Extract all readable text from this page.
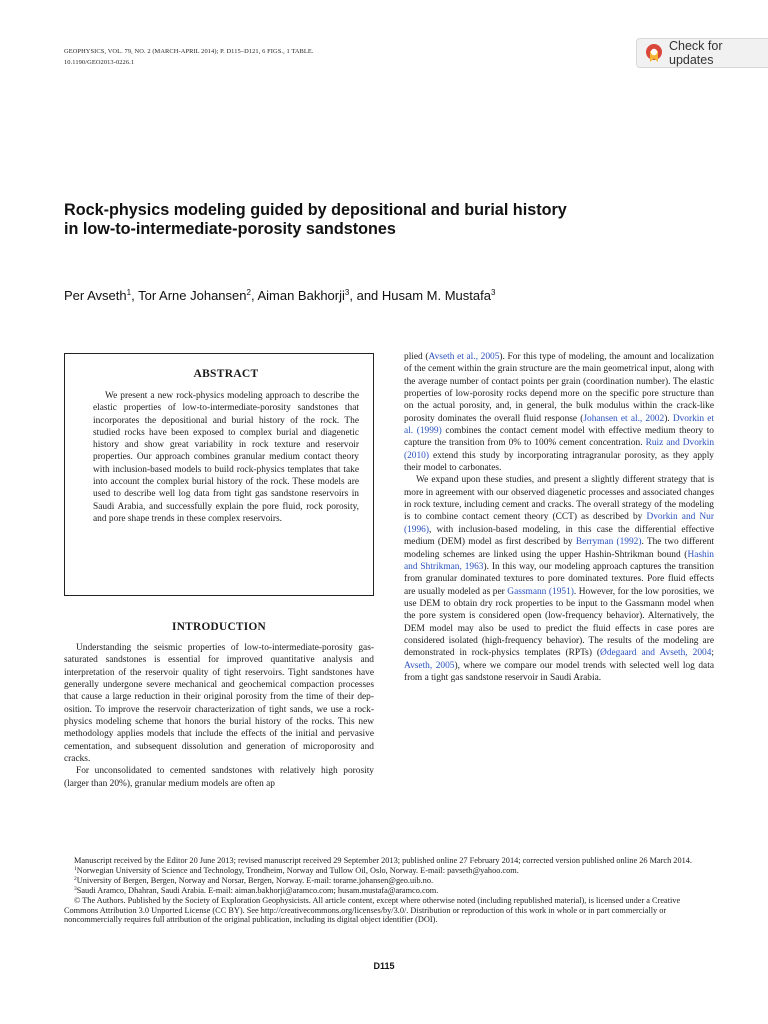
GEOPHYSICS, VOL. 79, NO. 2 (MARCH-APRIL 2014); P. D115–D121, 6 FIGS., 1 TABLE.
10.1190/GEO2013-0226.1
Check for updates
Rock-physics modeling guided by depositional and burial history in low-to-intermediate-porosity sandstones
Per Avseth$^1$, Tor Arne Johansen$^2$, Aiman Bakhorji$^3$, and Husam M. Mustafa$^3$
ABSTRACT

We present a new rock-physics modeling approach to describe the elastic properties of low-to-intermediate-porosity sandstones that incorporates the depositional and burial history of the rock. The studied rocks have been exposed to complex burial and diagenetic history and show great variability in rock texture and reservoir properties. Our approach combines granular medium contact theory with inclusion-based models to build rock-physics templates that take into account the complex burial history of the rock. These models are used to describe well log data from tight gas sandstone reservoirs in Saudi Arabia, and successfully explain the pore fluid, rock porosity, and pore shape trends in these complex reservoirs.

INTRODUCTION

Understanding the seismic properties of low-to-intermediate-porosity gas-saturated sandstones is essential for improved quantitative analysis and interpretation of the reservoir quality of tight reservoirs. Tight sandstones have generally undergone severe mechanical and geochemical compaction processes that cause a large reduction in their original porosity from the time of their deposition. To improve the reservoir characterization of tight sands, we use a rock-physics modeling scheme that honors the burial history of the rocks. This new methodology applies models that include the effects of the initial and pervasive cementation, and subsequent dissolution and generation of microporosity and cracks.

For unconsolidated to cemented sandstones with relatively high porosity (larger than 20%), granular medium models are often ap

plied (Avseth et al., 2005). For this type of modeling, the amount and localization of the cement within the grain structure are the main geometrical input, along with the average number of contact points per grain (coordination number). The elastic properties of low-porosity rocks depend more on the specific pore structure than on the actual porosity, and, in general, the bulk modulus within the crack-like porosity dominates the overall fluid response (Johansen et al., 2002). Dvorkin et al. (1999) combines the contact cement model with effective medium theory to capture the transition from 0% to 100% cement concentration. Ruiz and Dvorkin (2010) extend this study by incorporating intragranular porosity, as they apply their model to carbonates.

We expand upon these studies, and present a slightly different strategy that is more in agreement with our observed diagenetic processes and associated changes in rock texture, including cement and cracks. The overall strategy of the modeling is to combine contact cement theory (CCT) as described by Dvorkin and Nur (1996), with inclusion-based modeling, in this case the differential effective medium (DEM) model as first described by Berryman (1992). The two different modeling schemes are linked using the upper Hashin-Shtrikman bound (Hashin and Shtrikman, 1963). In this way, our modeling approach captures the transition from granular dominated textures to pore dominated textures. Pore fluid effects are usually modeled as per Gassmann (1951). However, for the low porosities, we use DEM to obtain dry rock properties to be input to the Gassmann model when the pore system is considered open (low-frequency behavior). Alternatively, the DEM model may also be used to predict the fluid effects in case pores are considered isolated (high-frequency behavior). The results of the modeling are demonstrated in rock-physics templates (RPTs) (Ødegaard and Avseth, 2004; Avseth, 2005), where we compare our model trends with selected well log data from a tight gas sandstone reservoir in Saudi Arabia.

Manuscript received by the Editor 20 June 2013; revised manuscript received 29 September 2013; published online 27 February 2014; corrected version published online 26 March 2014.

$^1$Norwegian University of Science and Technology, Trondheim, Norway and Tullow Oil, Oslo, Norway. E-mail: pavseth@yahoo.com.

$^2$University of Bergen, Bergen, Norway and Norsar, Bergen, Norway. E-mail: torarne.johansen@geo.uib.no.

$^3$Saudi Aramco, Dhahran, Saudi Arabia. E-mail: aiman.bakhorji@aramco.com; husam.mustafa@aramco.com.

© The Authors. Published by the Society of Exploration Geophysicists. All article content, except where otherwise noted (including republished material), is licensed under a Creative Commons Attribution 3.0 Unported License (CC BY). See http://creativecommons.org/licenses/by/3.0/. Distribution or reproduction of this work in whole or in part commercially or noncommercially requires full attribution of the original publication, including its digital object identifier (DOI).

D115
